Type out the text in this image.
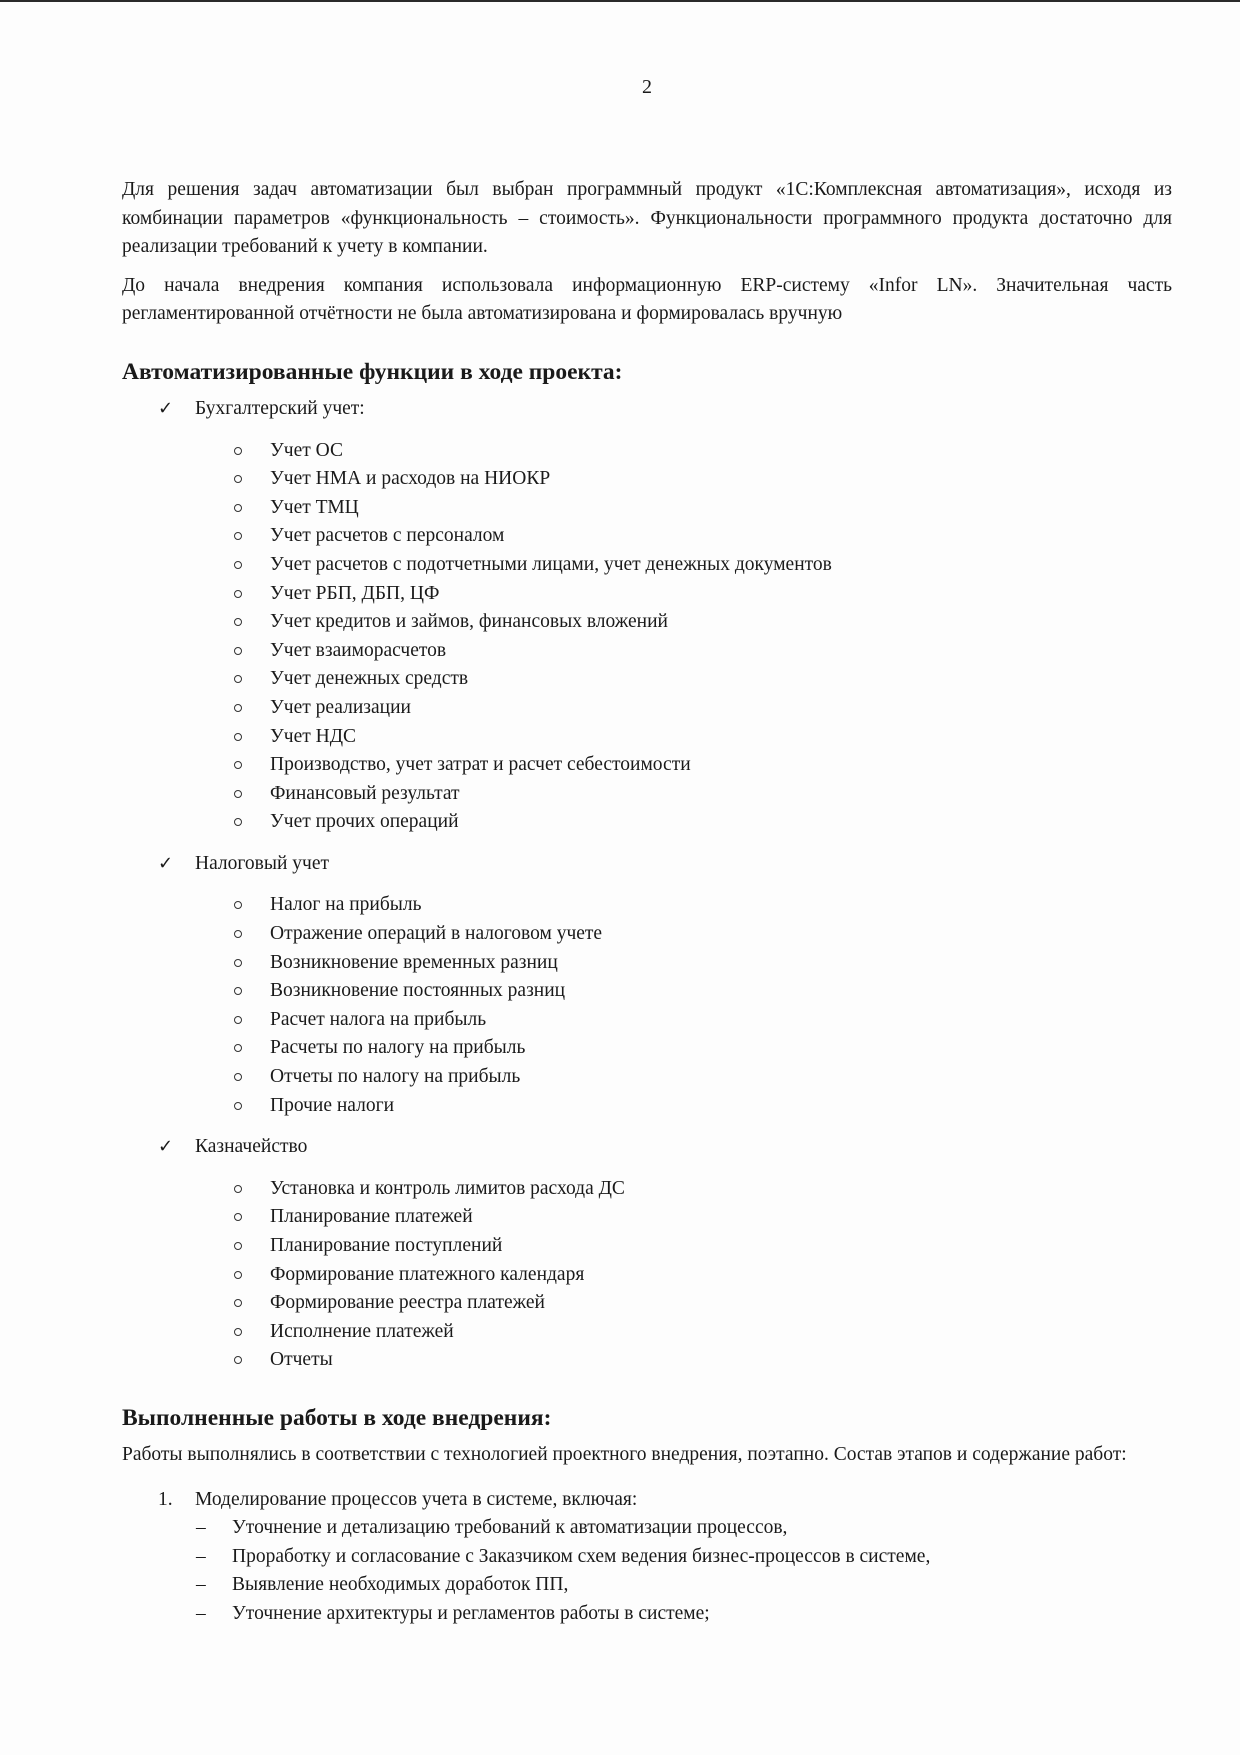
2

Для решения задач автоматизации был выбран программный продукт «1С:Комплексная автоматизация», исходя из комбинации параметров «функциональность – стоимость». Функциональности программного продукта достаточно для реализации требований к учету в компании.

До начала внедрения компания использовала информационную ERP-систему «Infor LN». Значительная часть регламентированной отчётности не была автоматизирована и формировалась вручную

Автоматизированные функции в ходе проекта:
✓ Бухгалтерский учет:
Учет ОС
Учет НМА и расходов на НИОКР
Учет ТМЦ
Учет расчетов с персоналом
Учет расчетов с подотчетными лицами, учет денежных документов
Учет РБП, ДБП, ЦФ
Учет кредитов и займов, финансовых вложений
Учет взаиморасчетов
Учет денежных средств
Учет реализации
Учет НДС
Производство, учет затрат и расчет себестоимости
Финансовый результат
Учет прочих операций
✓ Налоговый учет
Налог на прибыль
Отражение операций в налоговом учете
Возникновение временных разниц
Возникновение постоянных разниц
Расчет налога на прибыль
Расчеты по налогу на прибыль
Отчеты по налогу на прибыль
Прочие налоги
✓ Казначейство
Установка и контроль лимитов расхода ДС
Планирование платежей
Планирование поступлений
Формирование платежного календаря
Формирование реестра платежей
Исполнение платежей
Отчеты
Выполненные работы в ходе внедрения:

Работы выполнялись в соответствии с технологией проектного внедрения, поэтапно. Состав этапов и содержание работ:

1. Моделирование процессов учета в системе, включая:
– Уточнение и детализацию требований к автоматизации процессов,
– Проработку и согласование с Заказчиком схем ведения бизнес-процессов в системе,
– Выявление необходимых доработок ПП,
– Уточнение архитектуры и регламентов работы в системе;
